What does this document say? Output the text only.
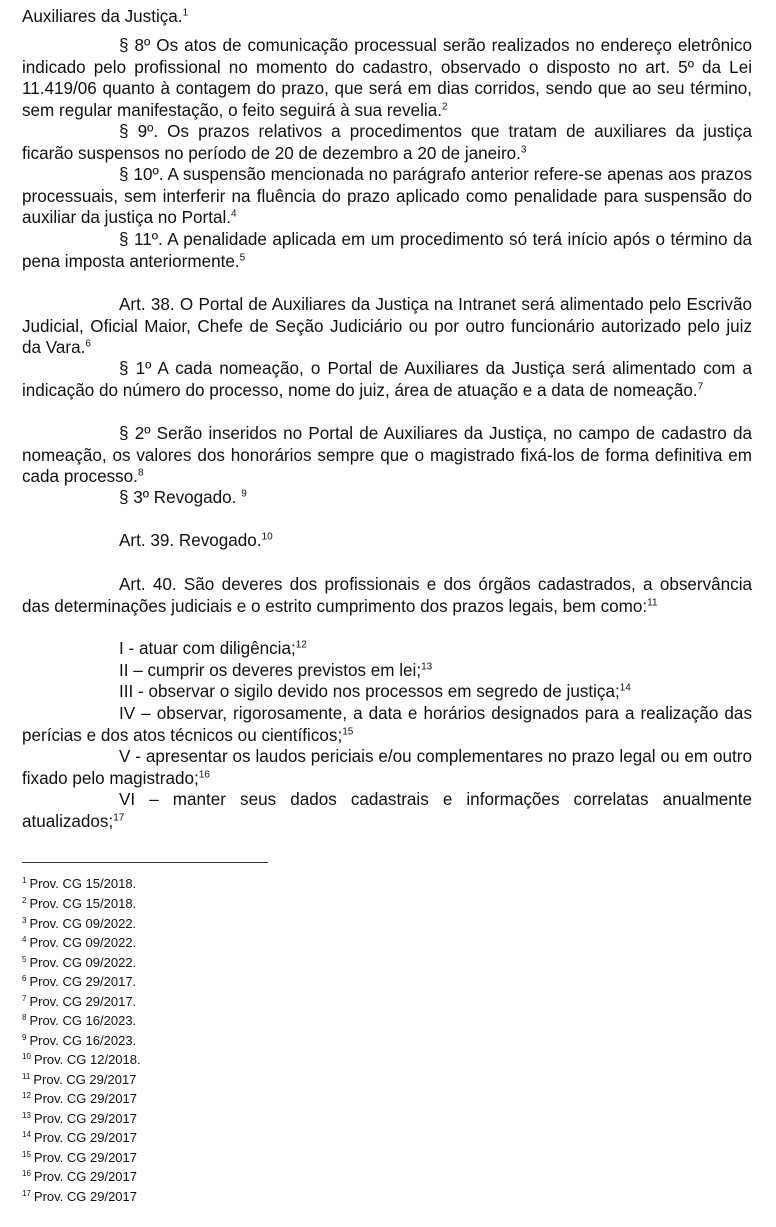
Auxiliares da Justiça.$^1$

§ 8º Os atos de comunicação processual serão realizados no endereço eletrônico indicado pelo profissional no momento do cadastro, observado o disposto no art. 5º da Lei 11.419/06 quanto à contagem do prazo, que será em dias corridos, sendo que ao seu término, sem regular manifestação, o feito seguirá à sua revelia.$^2$

§ 9º. Os prazos relativos a procedimentos que tratam de auxiliares da justiça ficarão suspensos no período de 20 de dezembro a 20 de janeiro.$^3$

§ 10º. A suspensão mencionada no parágrafo anterior refere-se apenas aos prazos processuais, sem interferir na fluência do prazo aplicado como penalidade para suspensão do auxiliar da justiça no Portal.$^4$

§ 11º. A penalidade aplicada em um procedimento só terá início após o término da pena imposta anteriormente.$^5$

Art. 38. O Portal de Auxiliares da Justiça na Intranet será alimentado pelo Escrivão Judicial, Oficial Maior, Chefe de Seção Judiciário ou por outro funcionário autorizado pelo juiz da Vara.$^6$

§ 1º A cada nomeação, o Portal de Auxiliares da Justiça será alimentado com a indicação do número do processo, nome do juiz, área de atuação e a data de nomeação.$^7$

§ 2º Serão inseridos no Portal de Auxiliares da Justiça, no campo de cadastro da nomeação, os valores dos honorários sempre que o magistrado fixá-los de forma definitiva em cada processo.$^8$

§ 3º Revogado. $^9$

Art. 39. Revogado.$^{10}$

Art. 40. São deveres dos profissionais e dos órgãos cadastrados, a observância das determinações judiciais e o estrito cumprimento dos prazos legais, bem como:$^{11}$

I - atuar com diligência;$^{12}$

II – cumprir os deveres previstos em lei;$^{13}$

III - observar o sigilo devido nos processos em segredo de justiça;$^{14}$

IV – observar, rigorosamente, a data e horários designados para a realização das perícias e dos atos técnicos ou científicos;$^{15}$

V - apresentar os laudos periciais e/ou complementares no prazo legal ou em outro fixado pelo magistrado;$^{16}$

VI – manter seus dados cadastrais e informações correlatas anualmente atualizados;$^{17}$

$^1$ Prov. CG 15/2018.
$^2$ Prov. CG 15/2018.
$^3$ Prov. CG 09/2022.
$^4$ Prov. CG 09/2022.
$^5$ Prov. CG 09/2022.
$^6$ Prov. CG 29/2017.
$^7$ Prov. CG 29/2017.
$^8$ Prov. CG 16/2023.
$^9$ Prov. CG 16/2023.
$^{10}$ Prov. CG 12/2018.
$^{11}$ Prov. CG 29/2017
$^{12}$ Prov. CG 29/2017
$^{13}$ Prov. CG 29/2017
$^{14}$ Prov. CG 29/2017
$^{15}$ Prov. CG 29/2017
$^{16}$ Prov. CG 29/2017
$^{17}$ Prov. CG 29/2017
